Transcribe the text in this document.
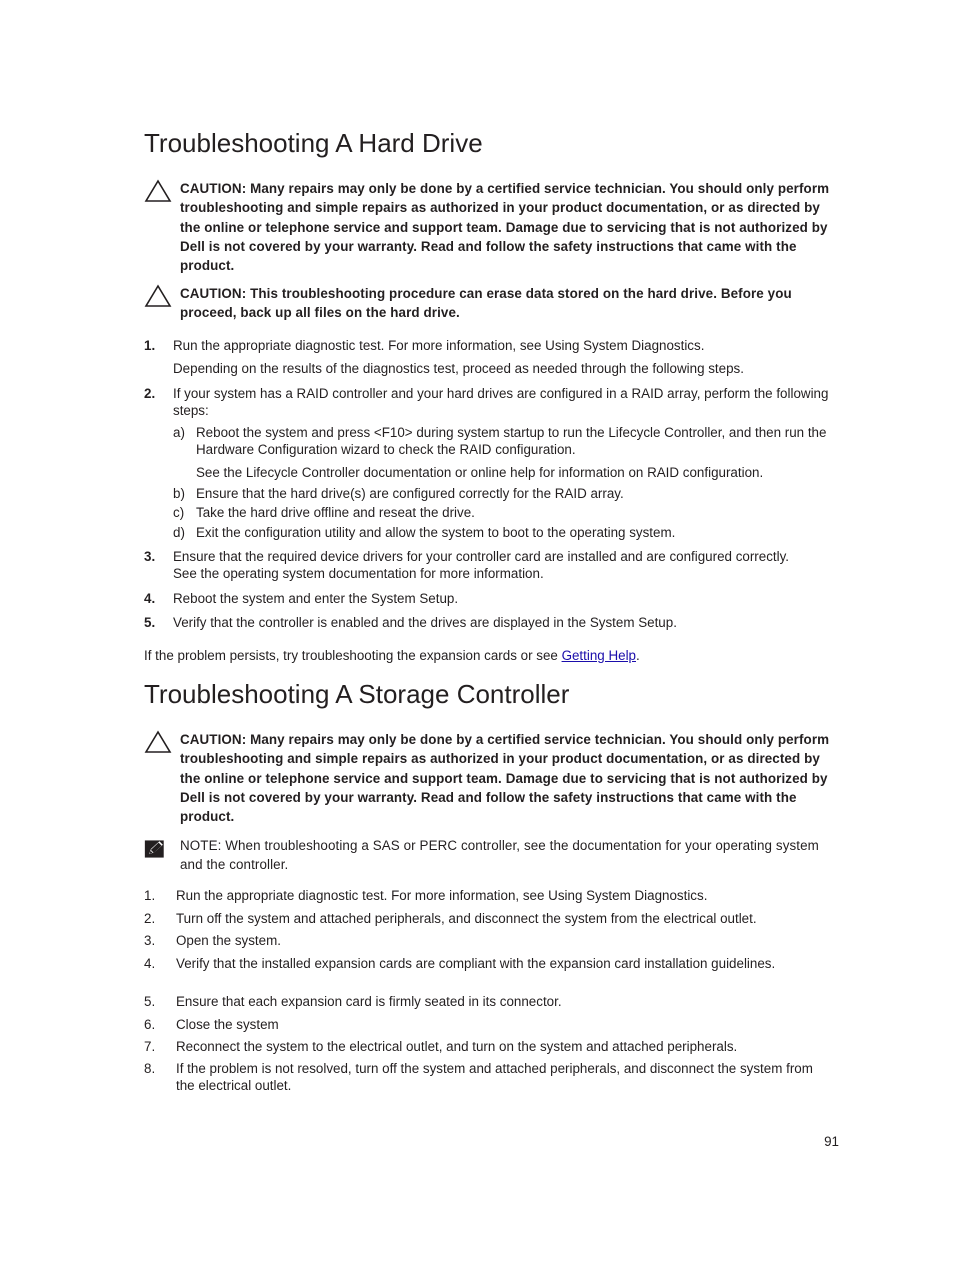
Troubleshooting A Hard Drive
CAUTION: Many repairs may only be done by a certified service technician. You should only perform troubleshooting and simple repairs as authorized in your product documentation, or as directed by the online or telephone service and support team. Damage due to servicing that is not authorized by Dell is not covered by your warranty. Read and follow the safety instructions that came with the product.
CAUTION: This troubleshooting procedure can erase data stored on the hard drive. Before you proceed, back up all files on the hard drive.
1. Run the appropriate diagnostic test. For more information, see Using System Diagnostics.
Depending on the results of the diagnostics test, proceed as needed through the following steps.
2. If your system has a RAID controller and your hard drives are configured in a RAID array, perform the following steps:
a) Reboot the system and press <F10> during system startup to run the Lifecycle Controller, and then run the Hardware Configuration wizard to check the RAID configuration.
See the Lifecycle Controller documentation or online help for information on RAID configuration.
b) Ensure that the hard drive(s) are configured correctly for the RAID array.
c) Take the hard drive offline and reseat the drive.
d) Exit the configuration utility and allow the system to boot to the operating system.
3. Ensure that the required device drivers for your controller card are installed and are configured correctly. See the operating system documentation for more information.
4. Reboot the system and enter the System Setup.
5. Verify that the controller is enabled and the drives are displayed in the System Setup.
If the problem persists, try troubleshooting the expansion cards or see Getting Help.
Troubleshooting A Storage Controller
CAUTION: Many repairs may only be done by a certified service technician. You should only perform troubleshooting and simple repairs as authorized in your product documentation, or as directed by the online or telephone service and support team. Damage due to servicing that is not authorized by Dell is not covered by your warranty. Read and follow the safety instructions that came with the product.
NOTE: When troubleshooting a SAS or PERC controller, see the documentation for your operating system and the controller.
1. Run the appropriate diagnostic test. For more information, see Using System Diagnostics.
2. Turn off the system and attached peripherals, and disconnect the system from the electrical outlet.
3. Open the system.
4. Verify that the installed expansion cards are compliant with the expansion card installation guidelines.
5. Ensure that each expansion card is firmly seated in its connector.
6. Close the system
7. Reconnect the system to the electrical outlet, and turn on the system and attached peripherals.
8. If the problem is not resolved, turn off the system and attached peripherals, and disconnect the system from the electrical outlet.
91
